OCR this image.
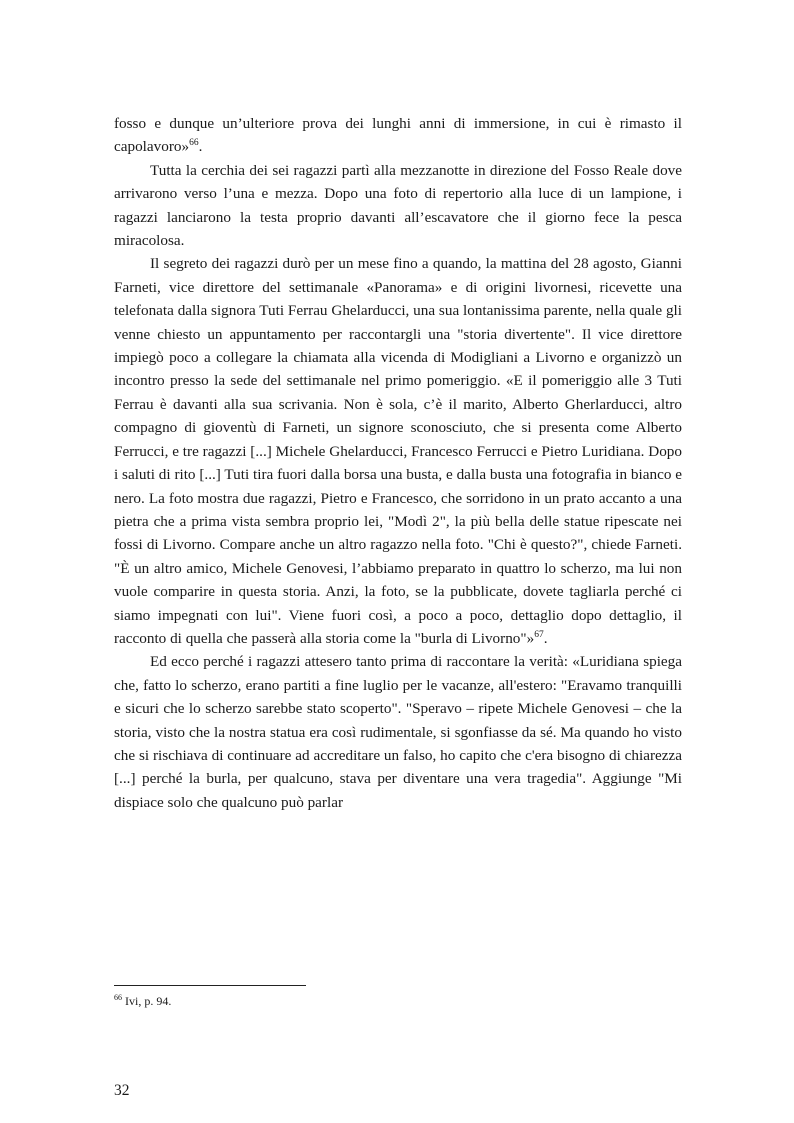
fosso e dunque un’ulteriore prova dei lunghi anni di immersione, in cui è rimasto il capolavoro»$^{66}$.

Tutta la cerchia dei sei ragazzi partì alla mezzanotte in direzione del Fosso Reale dove arrivarono verso l’una e mezza. Dopo una foto di repertorio alla luce di un lampione, i ragazzi lanciarono la testa proprio davanti all’escavatore che il giorno fece la pesca miracolosa.

Il segreto dei ragazzi durò per un mese fino a quando, la mattina del 28 agosto, Gianni Farneti, vice direttore del settimanale «Panorama» e di origini livornesi, ricevette una telefonata dalla signora Tuti Ferrau Ghelarducci, una sua lontanissima parente, nella quale gli venne chiesto un appuntamento per raccontargli una "storia divertente". Il vice direttore impiegò poco a collegare la chiamata alla vicenda di Modigliani a Livorno e organizzò un incontro presso la sede del settimanale nel primo pomeriggio. «E il pomeriggio alle 3 Tuti Ferrau è davanti alla sua scrivania. Non è sola, c’è il marito, Alberto Gherlarducci, altro compagno di gioventù di Farneti, un signore sconosciuto, che si presenta come Alberto Ferrucci, e tre ragazzi [...] Michele Ghelarducci, Francesco Ferrucci e Pietro Luridiana. Dopo i saluti di rito [...] Tuti tira fuori dalla borsa una busta, e dalla busta una fotografia in bianco e nero. La foto mostra due ragazzi, Pietro e Francesco, che sorridono in un prato accanto a una pietra che a prima vista sembra proprio lei, "Modì 2", la più bella delle statue ripescate nei fossi di Livorno. Compare anche un altro ragazzo nella foto. "Chi è questo?", chiede Farneti. "È un altro amico, Michele Genovesi, l’abbiamo preparato in quattro lo scherzo, ma lui non vuole comparire in questa storia. Anzi, la foto, se la pubblicate, dovete tagliarla perché ci siamo impegnati con lui". Viene fuori così, a poco a poco, dettaglio dopo dettaglio, il racconto di quella che passerà alla storia come la "burla di Livorno"»$^{67}$.

Ed ecco perché i ragazzi attesero tanto prima di raccontare la verità: «Luridiana spiega che, fatto lo scherzo, erano partiti a fine luglio per le vacanze, all'estero: "Eravamo tranquilli e sicuri che lo scherzo sarebbe stato scoperto". "Speravo – ripete Michele Genovesi – che la storia, visto che la nostra statua era così rudimentale, si sgonfiasse da sé. Ma quando ho visto che si rischiava di continuare ad accreditare un falso, ho capito che c'era bisogno di chiarezza [...] perché la burla, per qualcuno, stava per diventare una vera tragedia". Aggiunge "Mi dispiace solo che qualcuno può parlar

$^{66}$ Ivi, p. 94.
32
